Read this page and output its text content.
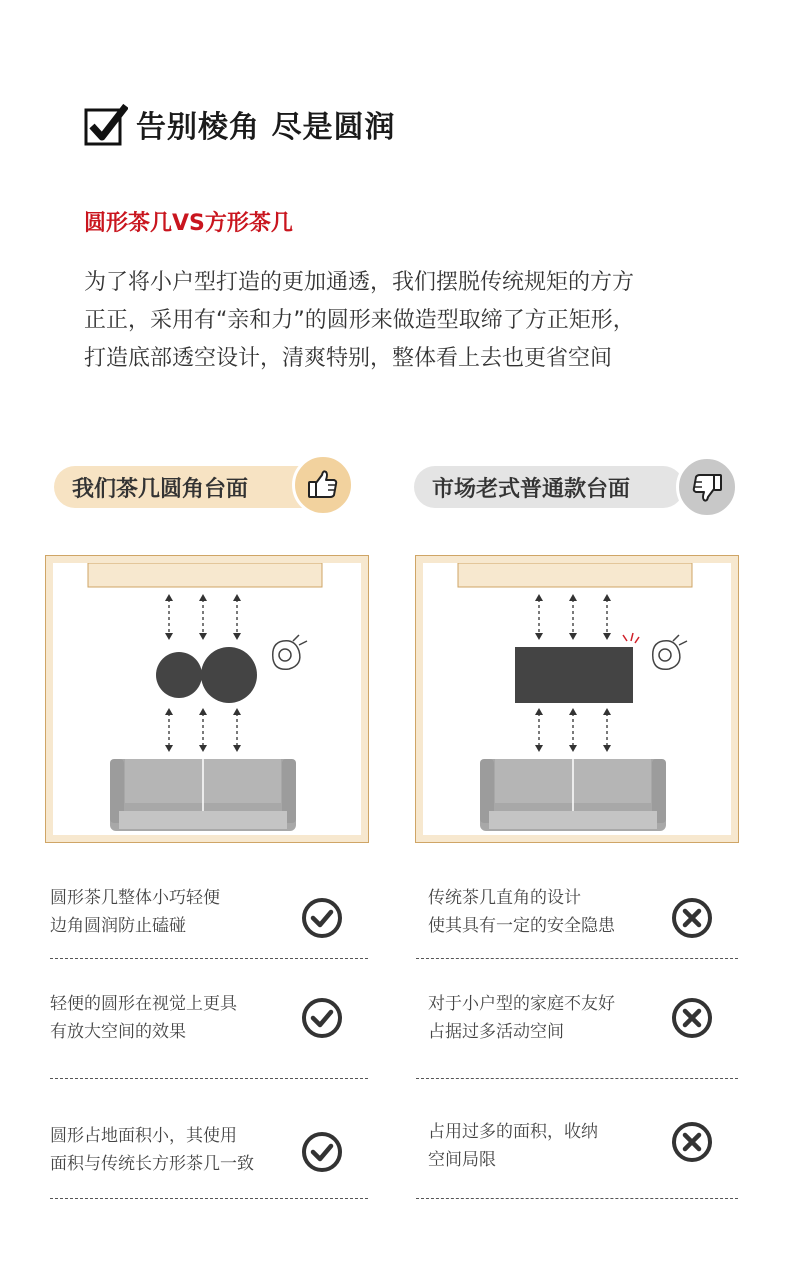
告别棱角 尽是圆润
圆形茶几VS方形茶几

为了将小户型打造的更加通透，我们摆脱传统规矩的方方

正正，采用有“亲和力”的圆形来做造型取缔了方正矩形，

打造底部透空设计，清爽特别，整体看上去也更省空间

我们茶几圆角台面	市场老式普通款台面
圆形茶几整体小巧轻便
边角圆润防止磕碰
轻便的圆形在视觉上更具
有放大空间的效果
圆形占地面积小，其使用
面积与传统长方形茶几一致
传统茶几直角的设计
使其具有一定的安全隐患
对于小户型的家庭不友好
占据过多活动空间
占用过多的面积，收纳
空间局限
